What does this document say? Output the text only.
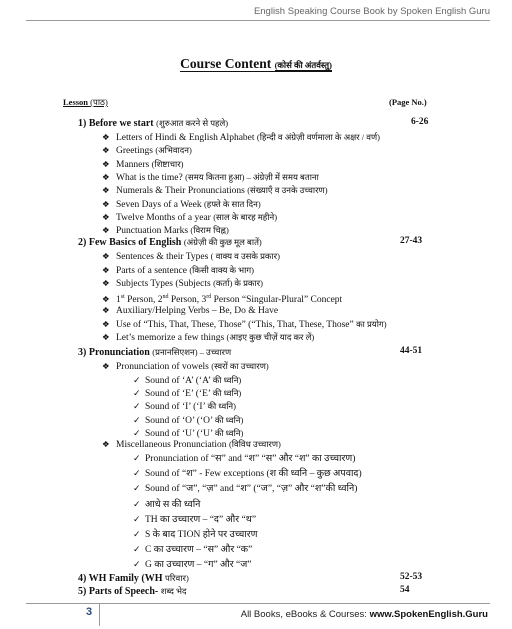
English Speaking Course Book by Spoken English Guru
Course Content (कोर्स की अंतर्वस्तु)
Lesson (पाठ)	(Page No.)
1) Before we start (शुरुआत करने से पहले)	6-26
❖ Letters of Hindi & English Alphabet (हिन्दी व अंग्रेज़ी वर्णमाला के अक्षर / वर्ण)
❖ Greetings (अभिवादन)
❖ Manners (शिष्टाचार)
❖ What is the time? (समय कितना हुआ) – अंग्रेज़ी में समय बताना
❖ Numerals & Their Pronunciations (संख्याएँ व उनके उच्चारण)
❖ Seven Days of a Week (हफ्ते के सात दिन)
❖ Twelve Months of a year (साल के बारह महीने)
❖ Punctuation Marks (विराम चिह्न)
2) Few Basics of English (अंग्रेज़ी की कुछ मूल बातें)	27-43
❖ Sentences & their Types ( वाक्य व उसके प्रकार)
❖ Parts of a sentence (किसी वाक्य के भाग)
❖ Subjects Types (Subjects (कर्ता) के प्रकार)
❖ 1st Person, 2nd Person, 3rd Person “Singular-Plural” Concept
❖ Auxiliary/Helping Verbs – Be, Do & Have
❖ Use of “This, That, These, Those” (“This, That, These, Those” का प्रयोग)
❖ Let’s memorize a few things (आइए कुछ चीज़ें याद कर लें)
3) Pronunciation (प्रनानसिएशन) – उच्चारण	44-51
❖ Pronunciation of vowels (स्वरों का उच्चारण)
✓ Sound of ‘A’ (‘A’ की ध्वनि)
✓ Sound of ‘E’ (‘E’ की ध्वनि)
✓ Sound of ‘I’ (‘I’ की ध्वनि)
✓ Sound of ‘O’ (‘O’ की ध्वनि)
✓ Sound of ‘U’ (‘U’ की ध्वनि)
❖ Miscellaneous Pronunciation (विविध उच्चारण)
✓ Pronunciation of “स” and “श” “स” और “श” का उच्चारण)
✓ Sound of “श” - Few exceptions (श की ध्वनि – कुछ अपवाद)
✓ Sound of “ज”, “ज़” and “श” (“ज”, “ज़” और “श”की ध्वनि)
✓ आधे स की ध्वनि
✓ TH का उच्चारण – “द” और “थ”
✓ S के बाद TION होने पर उच्चारण
✓ C का उच्चारण – “स” और “क”
✓ G का उच्चारण – “ग” और “ज”
4) WH Family (WH परिवार)	52-53
5) Parts of Speech- शब्द भेद	54
3	All Books, eBooks & Courses: www.SpokenEnglish.Guru
